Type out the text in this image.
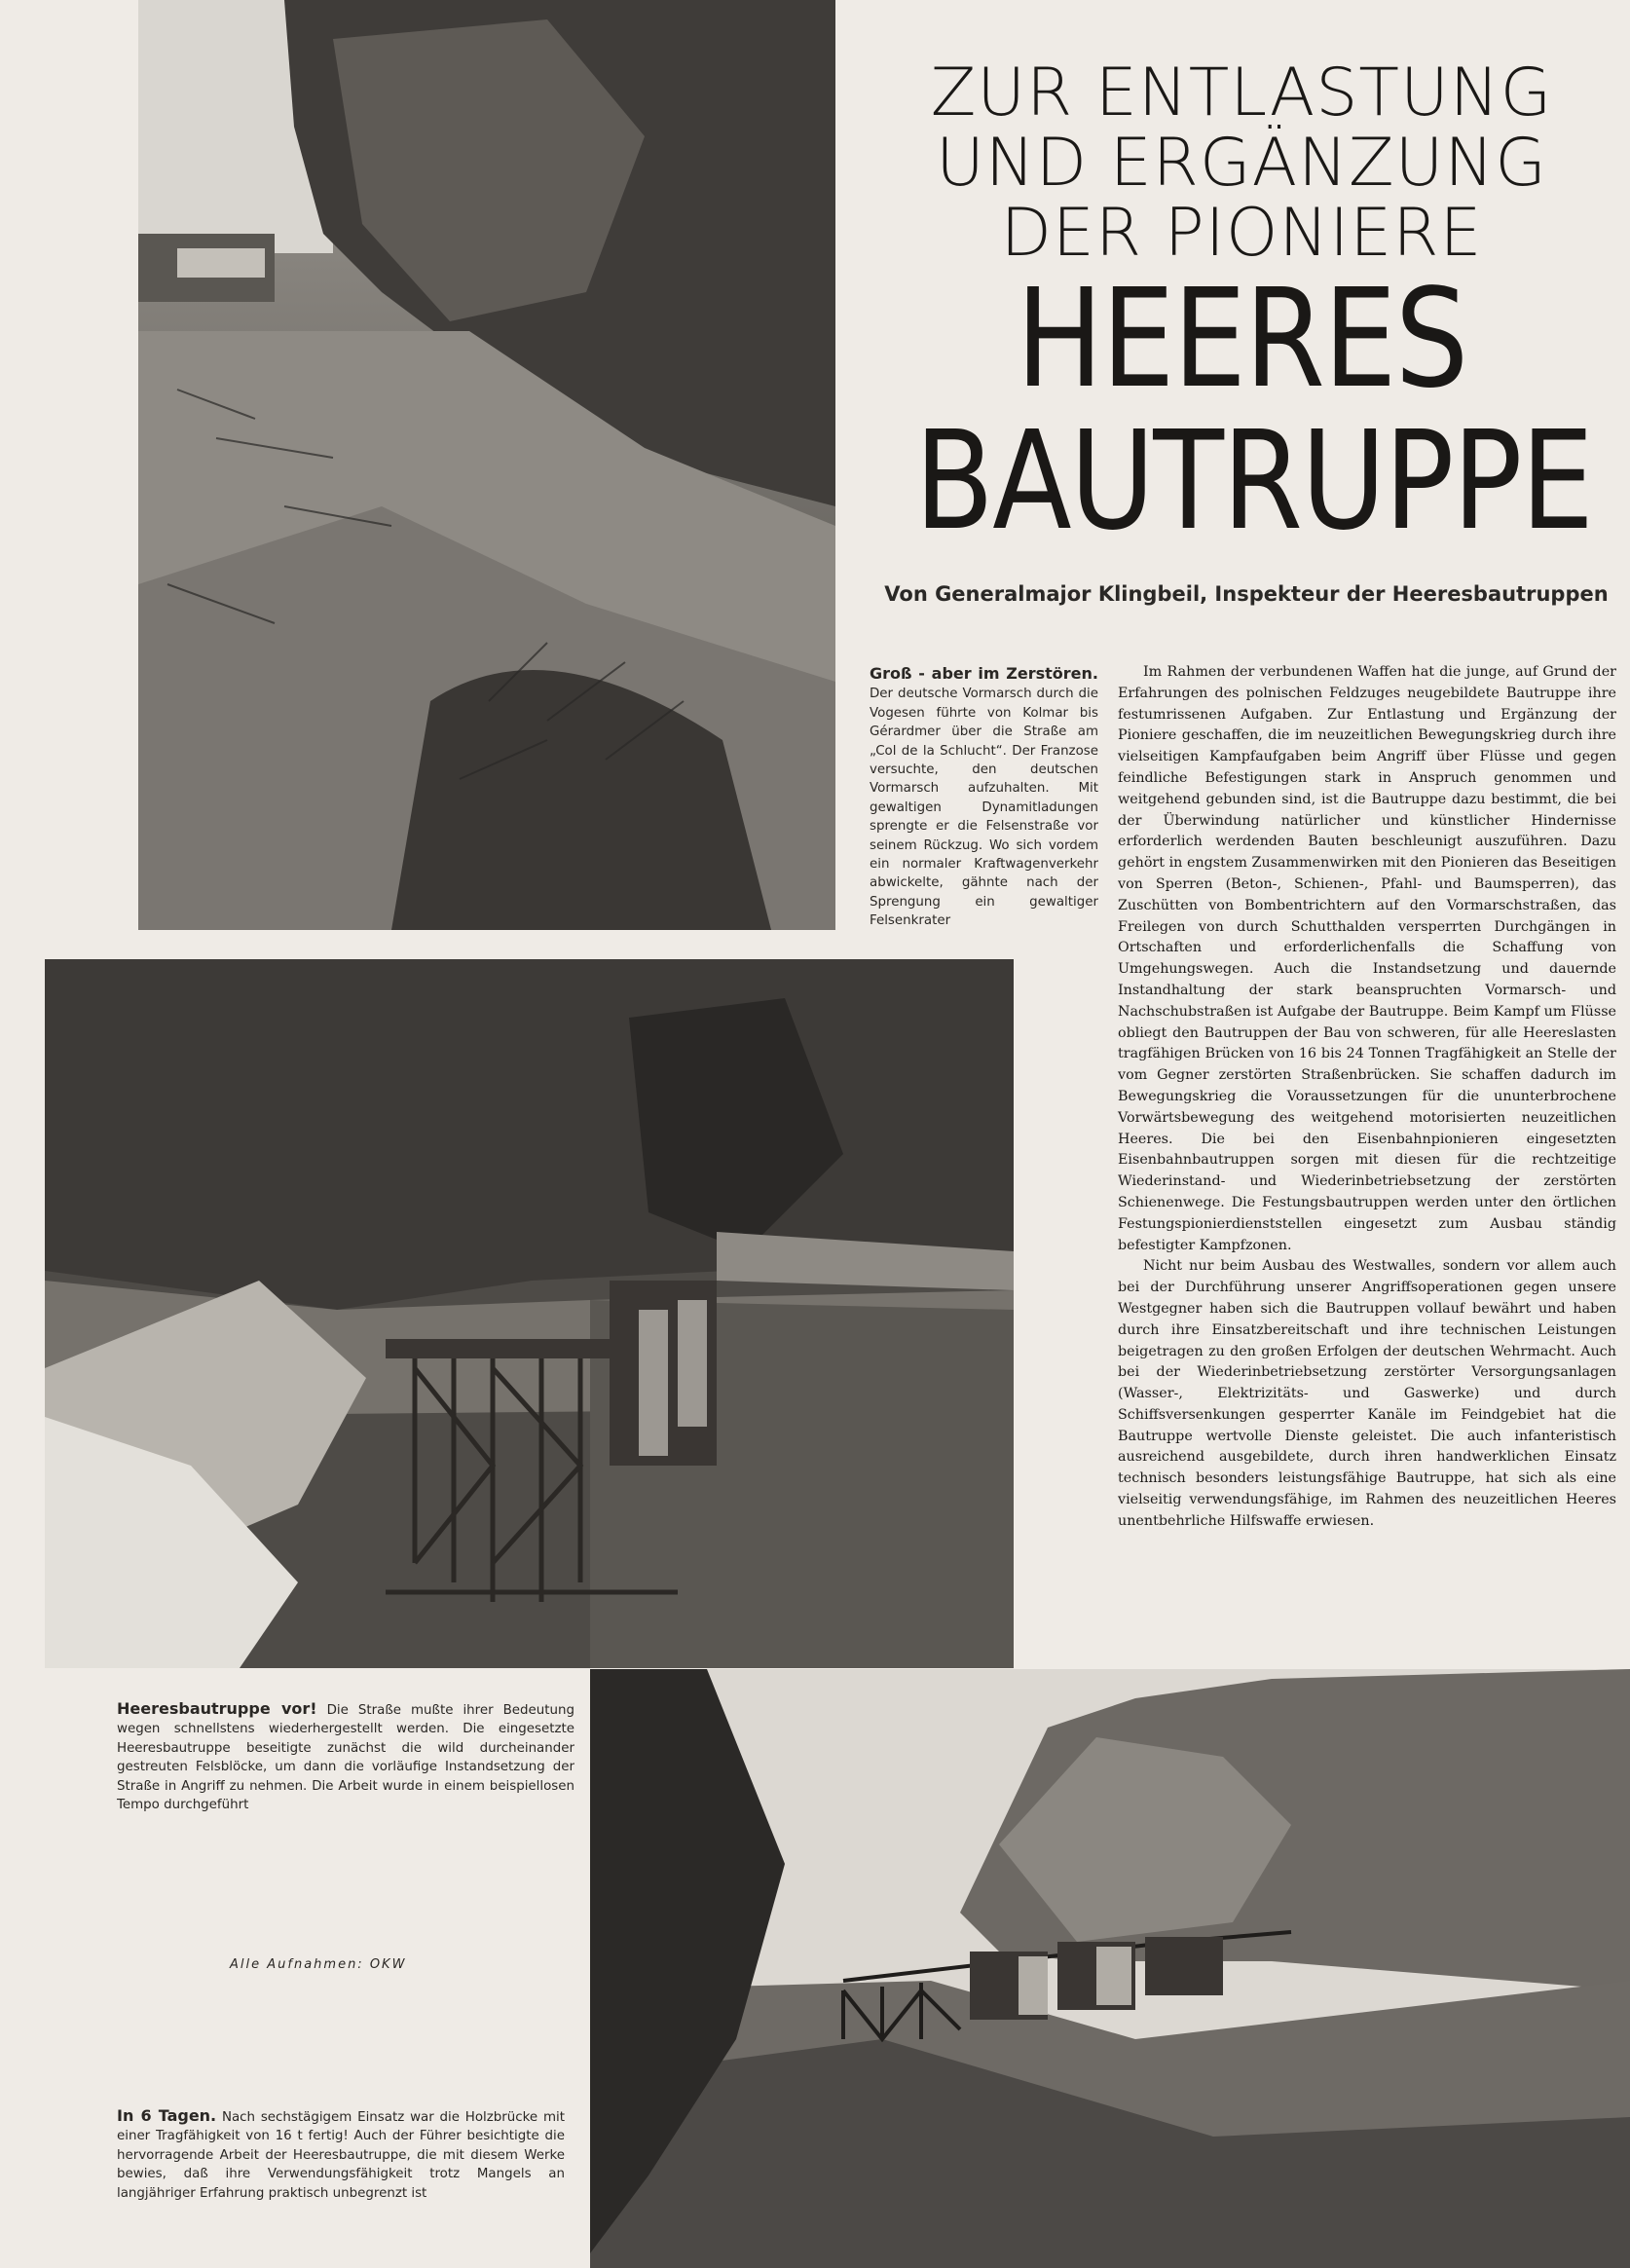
ZUR ENTLASTUNG
UND ERGÄNZUNG
DER PIONIERE
HEERES
BAUTRUPPE
Von Generalmajor Klingbeil, Inspekteur der Heeresbautruppen
Groß - aber im Zerstören. Der deutsche Vormarsch durch die Vogesen führte von Kolmar bis Gérardmer über die Straße am „Col de la Schlucht“. Der Franzose versuchte, den deutschen Vormarsch aufzuhalten. Mit gewaltigen Dynamitladungen sprengte er die Felsenstraße vor seinem Rückzug. Wo sich vordem ein normaler Kraftwagenverkehr abwickelte, gähnte nach der Sprengung ein gewaltiger Felsenkrater

Im Rahmen der verbundenen Waffen hat die junge, auf Grund der Erfahrungen des polnischen Feldzuges neugebildete Bautruppe ihre festumrissenen Aufgaben. Zur Entlastung und Ergänzung der Pioniere geschaffen, die im neuzeitlichen Bewegungskrieg durch ihre vielseitigen Kampfaufgaben beim Angriff über Flüsse und gegen feindliche Befestigungen stark in Anspruch genommen und weitgehend gebunden sind, ist die Bautruppe dazu bestimmt, die bei der Überwindung natürlicher und künstlicher Hindernisse erforderlich werdenden Bauten beschleunigt auszuführen. Dazu gehört in engstem Zusammenwirken mit den Pionieren das Beseitigen von Sperren (Beton-, Schienen-, Pfahl- und Baumsperren), das Zuschütten von Bombentrichtern auf den Vormarschstraßen, das Freilegen von durch Schutthalden versperrten Durchgängen in Ortschaften und erforderlichenfalls die Schaffung von Umgehungswegen. Auch die Instandsetzung und dauernde Instandhaltung der stark beanspruchten Vormarsch- und Nachschubstraßen ist Aufgabe der Bautruppe. Beim Kampf um Flüsse obliegt den Bautruppen der Bau von schweren, für alle Heereslasten tragfähigen Brücken von 16 bis 24 Tonnen Tragfähigkeit an Stelle der vom Gegner zerstörten Straßenbrücken. Sie schaffen dadurch im Bewegungskrieg die Voraussetzungen für die ununterbrochene Vorwärtsbewegung des weitgehend motorisierten neuzeitlichen Heeres. Die bei den Eisenbahnpionieren eingesetzten Eisenbahnbautruppen sorgen mit diesen für die rechtzeitige Wiederinstand- und Wiederinbetriebsetzung der zerstörten Schienenwege. Die Festungsbautruppen werden unter den örtlichen Festungspionierdienststellen eingesetzt zum Ausbau ständig befestigter Kampfzonen.

Nicht nur beim Ausbau des Westwalles, sondern vor allem auch bei der Durchführung unserer Angriffsoperationen gegen unsere Westgegner haben sich die Bautruppen vollauf bewährt und haben durch ihre Einsatzbereitschaft und ihre technischen Leistungen beigetragen zu den großen Erfolgen der deutschen Wehrmacht. Auch bei der Wiederinbetriebsetzung zerstörter Versorgungsanlagen (Wasser-, Elektrizitäts- und Gaswerke) und durch Schiffsversenkungen gesperrter Kanäle im Feindgebiet hat die Bautruppe wertvolle Dienste geleistet. Die auch infanteristisch ausreichend ausgebildete, durch ihren handwerklichen Einsatz technisch besonders leistungsfähige Bautruppe, hat sich als eine vielseitig verwendungsfähige, im Rahmen des neuzeitlichen Heeres unentbehrliche Hilfswaffe erwiesen.

Heeresbautruppe vor! Die Straße mußte ihrer Bedeutung wegen schnellstens wiederhergestellt werden. Die eingesetzte Heeresbautruppe beseitigte zunächst die wild durcheinander gestreuten Felsblöcke, um dann die vorläufige Instandsetzung der Straße in Angriff zu nehmen. Die Arbeit wurde in einem beispiellosen Tempo durchgeführt
Alle Aufnahmen: OKW
In 6 Tagen. Nach sechstägigem Einsatz war die Holzbrücke mit einer Tragfähigkeit von 16 t fertig! Auch der Führer besichtigte die hervorragende Arbeit der Heeresbautruppe, die mit diesem Werke bewies, daß ihre Verwendungsfähigkeit trotz Mangels an langjähriger Erfahrung praktisch unbegrenzt ist
